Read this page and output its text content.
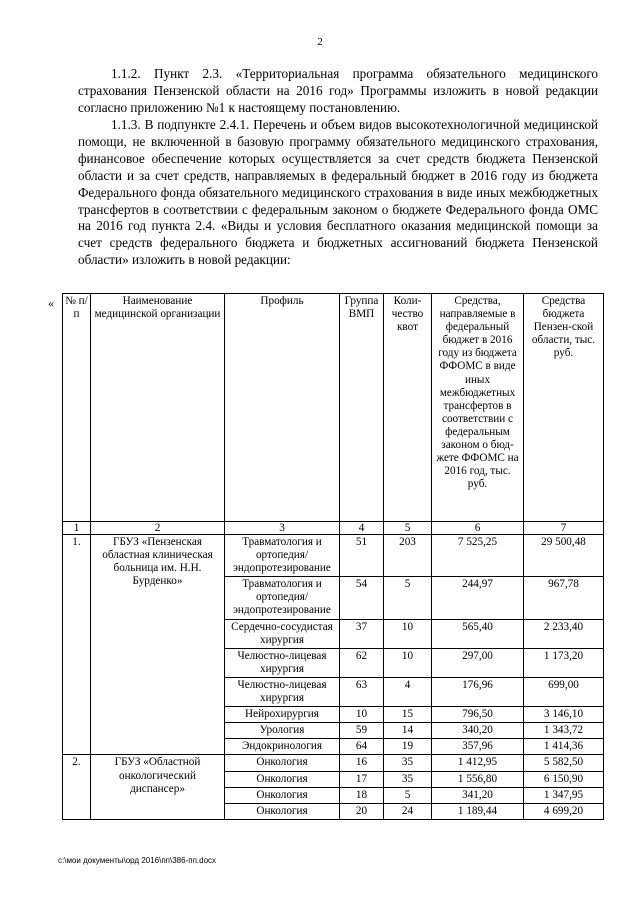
2

1.1.2. Пункт 2.3. «Территориальная программа обязательного медицинского страхования Пензенской области на 2016 год» Программы изложить в новой редакции согласно приложению №1 к настоящему постановлению.

1.1.3. В подпункте 2.4.1. Перечень и объем видов высокотехнологичной медицинской помощи, не включенной в базовую программу обязательного медицинского страхования, финансовое обеспечение которых осуществляется за счет средств бюджета Пензенской области и за счет средств, направляемых в федеральный бюджет в 2016 году из бюджета Федерального фонда обязательного медицинского страхования в виде иных межбюджетных трансфертов в соответствии с федеральным законом о бюджете Федерального фонда ОМС на 2016 год пункта 2.4. «Виды и условия бесплатного оказания медицинской помощи за счет средств федерального бюджета и бюджетных ассигнований бюджета Пензенской области» изложить в новой редакции:

« № п/п	Наименование медицинской организации	Профиль	Группа ВМП	Коли-чество квот	Средства, направляемые в федеральный бюджет в 2016 году из бюджета ФФОМС в виде иных межбюджетных трансфертов в соответствии с федеральным законом о бюд-жете ФФОМС на 2016 год, тыс. руб.	Средства бюджета Пензен-ской области, тыс. руб.
1	2	3	4	5	6	7
1.	ГБУЗ «Пензенская областная клиническая больница им. Н.Н. Бурденко»	Травматология и ортопедия/ эндопротезирование	51	203	7 525,25	29 500,48
		Травматология и ортопедия/ эндопротезирование	54	5	244,97	967,78
		Сердечно-сосудистая хирургия	37	10	565,40	2 233,40
		Челюстно-лицевая хирургия	62	10	297,00	1 173,20
		Челюстно-лицевая хирургия	63	4	176,96	699,00
		Нейрохирургия	10	15	796,50	3 146,10
		Урология	59	14	340,20	1 343,72
		Эндокринология	64	19	357,96	1 414,36
2.	ГБУЗ «Областной онкологический диспансер»	Онкология	16	35	1 412,95	5 582,50
		Онкология	17	35	1 556,80	6 150,90
		Онкология	18	5	341,20	1 347,95
		Онкология	20	24	1 189,44	4 699,20
c:\мои документы\орд 2016\пп\386-пп.docx
